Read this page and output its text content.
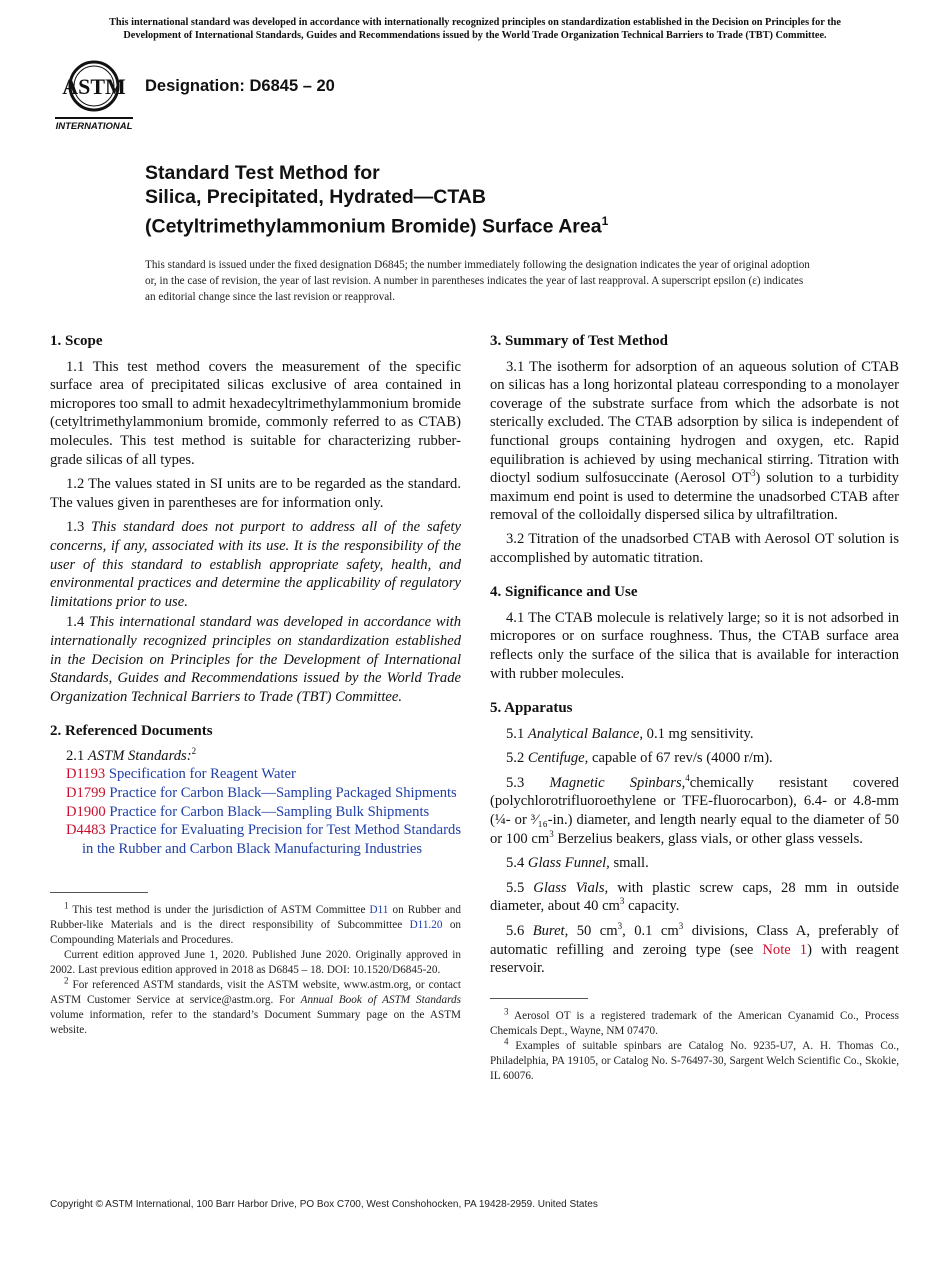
This international standard was developed in accordance with internationally recognized principles on standardization established in the Decision on Principles for the
Development of International Standards, Guides and Recommendations issued by the World Trade Organization Technical Barriers to Trade (TBT) Committee.
ASTM
INTERNATIONAL
Designation: D6845 – 20
Standard Test Method for
Silica, Precipitated, Hydrated—CTAB
(Cetyltrimethylammonium Bromide) Surface Area$^1$
This standard is issued under the fixed designation D6845; the number immediately following the designation indicates the year of original adoption or, in the case of revision, the year of last revision. A number in parentheses indicates the year of last reapproval. A superscript epsilon (ε) indicates an editorial change since the last revision or reapproval.
1. Scope

1.1 This test method covers the measurement of the specific surface area of precipitated silicas exclusive of area contained in micropores too small to admit hexadecyltrimethylammonium bromide (cetyltrimethylammonium bromide, commonly referred to as CTAB) molecules. This test method is suitable for characterizing rubber-grade silicas of all types.

1.2 The values stated in SI units are to be regarded as the standard. The values given in parentheses are for information only.

1.3 This standard does not purport to address all of the safety concerns, if any, associated with its use. It is the responsibility of the user of this standard to establish appropriate safety, health, and environmental practices and determine the applicability of regulatory limitations prior to use.

1.4 This international standard was developed in accordance with internationally recognized principles on standardization established in the Decision on Principles for the Development of International Standards, Guides and Recommendations issued by the World Trade Organization Technical Barriers to Trade (TBT) Committee.

2. Referenced Documents

2.1 ASTM Standards:$^2$

D1193 Specification for Reagent Water

D1799 Practice for Carbon Black—Sampling Packaged Shipments

D1900 Practice for Carbon Black—Sampling Bulk Shipments

D4483 Practice for Evaluating Precision for Test Method Standards in the Rubber and Carbon Black Manufacturing Industries

$^1$ This test method is under the jurisdiction of ASTM Committee D11 on Rubber and Rubber-like Materials and is the direct responsibility of Subcommittee D11.20 on Compounding Materials and Procedures.

Current edition approved June 1, 2020. Published June 2020. Originally approved in 2002. Last previous edition approved in 2018 as D6845 – 18. DOI: 10.1520/D6845-20.

$^2$ For referenced ASTM standards, visit the ASTM website, www.astm.org, or contact ASTM Customer Service at service@astm.org. For Annual Book of ASTM Standards volume information, refer to the standard’s Document Summary page on the ASTM website.

3. Summary of Test Method

3.1 The isotherm for adsorption of an aqueous solution of CTAB on silicas has a long horizontal plateau corresponding to a monolayer coverage of the substrate surface from which the adsorbate is not sterically excluded. The CTAB adsorption by silica is independent of functional groups containing hydrogen and oxygen, etc. Rapid equilibration is achieved by using mechanical stirring. Titration with dioctyl sodium sulfosuccinate (Aerosol $OT^3$) solution to a turbidity maximum end point is used to determine the unadsorbed CTAB after removal of the colloidally dispersed silica by ultrafiltration.

3.2 Titration of the unadsorbed CTAB with Aerosol OT solution is accomplished by automatic titration.

4. Significance and Use

4.1 The CTAB molecule is relatively large; so it is not adsorbed in micropores or on surface roughness. Thus, the CTAB surface area reflects only the surface of the silica that is available for interaction with rubber molecules.

5. Apparatus

5.1 Analytical Balance, 0.1 mg sensitivity.

5.2 Centifuge, capable of 67 rev/s (4000 r/m).

5.3 Magnetic Spinbars,$^4$chemically resistant covered (polychlorotrifluoroethylene or TFE-fluorocarbon), 6.4- or 4.8-mm (¼- or ³⁄₁₆-in.) diameter, and length nearly equal to the diameter of 50 or 100 $cm^3$ Berzelius beakers, glass vials, or other glass vessels.

5.4 Glass Funnel, small.

5.5 Glass Vials, with plastic screw caps, 28 mm in outside diameter, about 40 $cm^3$ capacity.

5.6 Buret, 50 $cm^3$, 0.1 $cm^3$ divisions, Class A, preferably of automatic refilling and zeroing type (see Note 1) with reagent reservoir.

$^3$ Aerosol OT is a registered trademark of the American Cyanamid Co., Process Chemicals Dept., Wayne, NM 07470.

$^4$ Examples of suitable spinbars are Catalog No. 9235-U7, A. H. Thomas Co., Philadelphia, PA 19105, or Catalog No. S-76497-30, Sargent Welch Scientific Co., Skokie, IL 60076.

Copyright © ASTM International, 100 Barr Harbor Drive, PO Box C700, West Conshohocken, PA 19428-2959. United States
